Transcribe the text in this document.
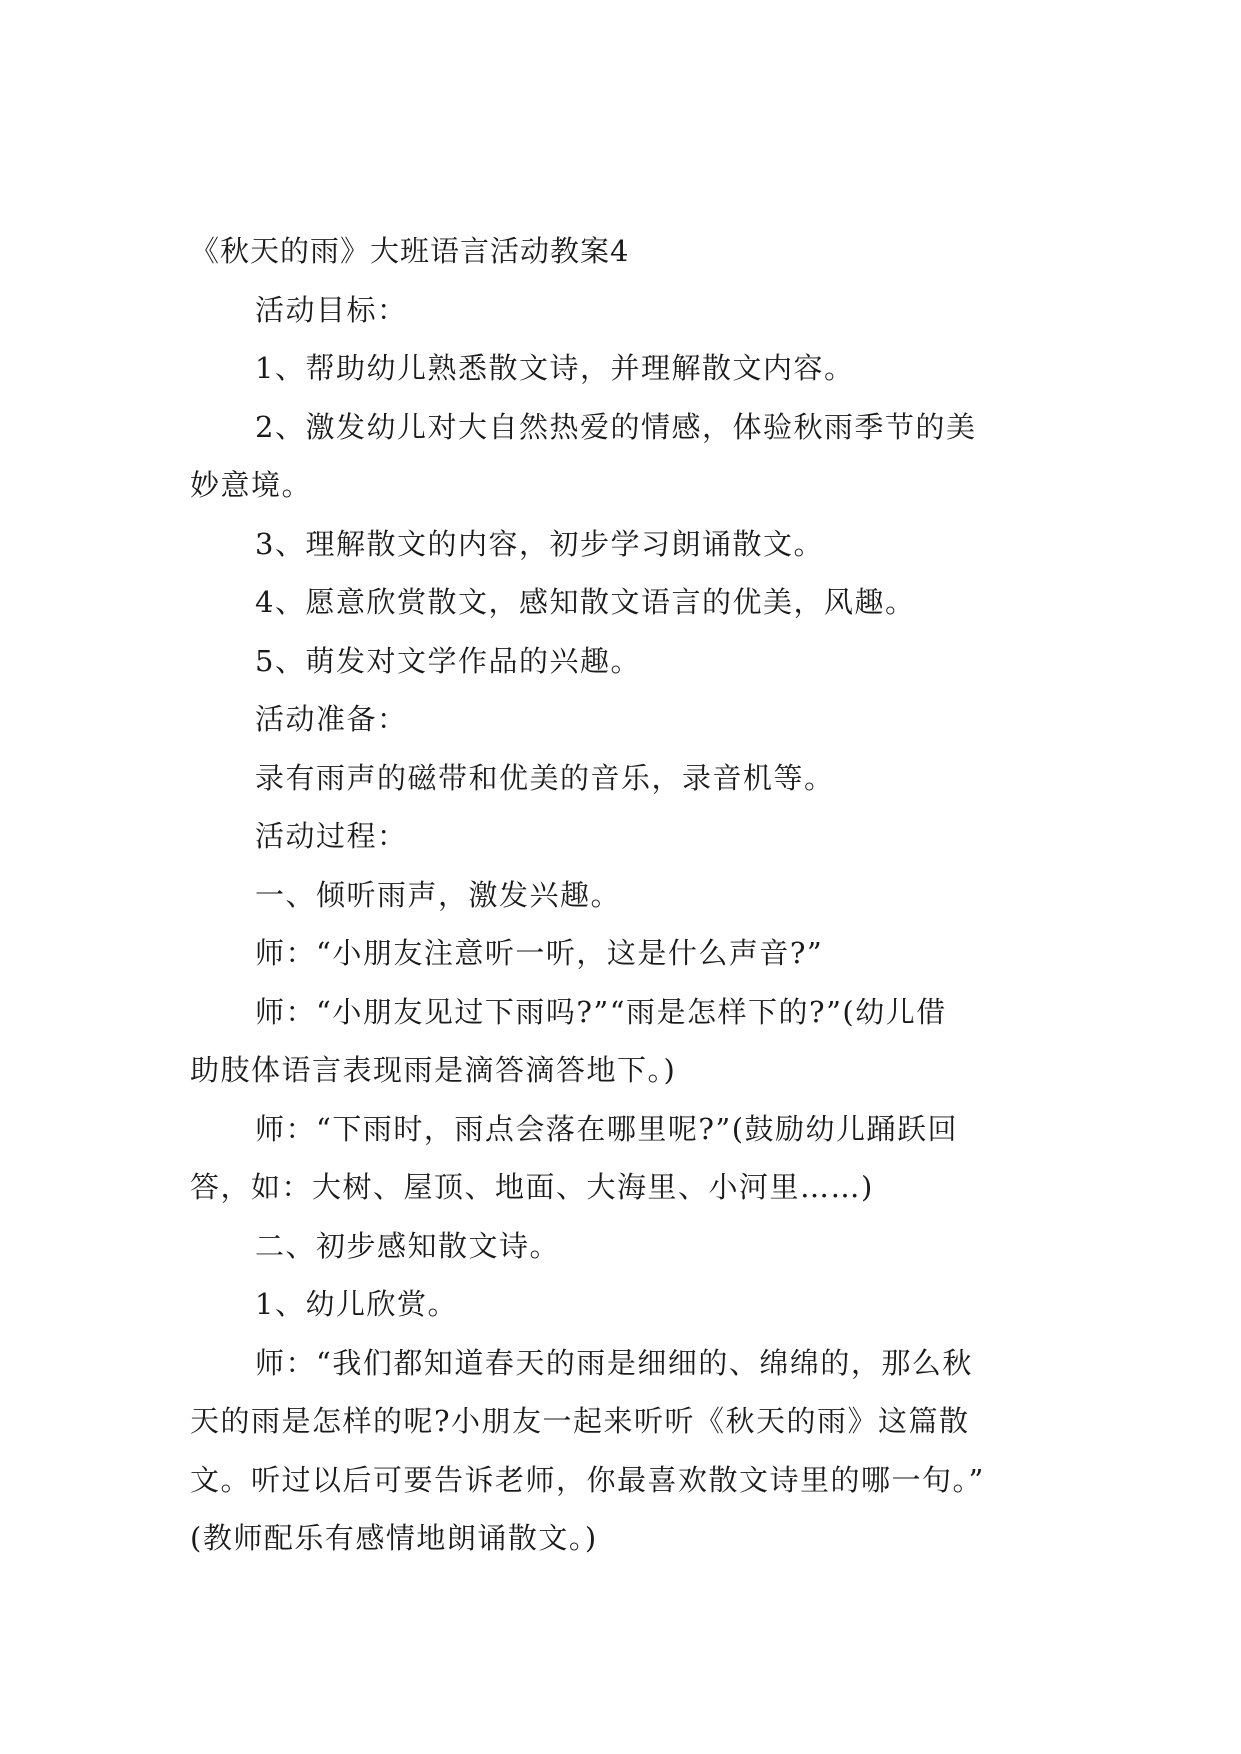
《秋天的雨》大班语言活动教案4
活动目标：
1、帮助幼儿熟悉散文诗，并理解散文内容。
2、激发幼儿对大自然热爱的情感，体验秋雨季节的美
妙意境。
3、理解散文的内容，初步学习朗诵散文。
4、愿意欣赏散文，感知散文语言的优美，风趣。
5、萌发对文学作品的兴趣。
活动准备：
录有雨声的磁带和优美的音乐，录音机等。
活动过程：
一、倾听雨声，激发兴趣。
师：“小朋友注意听一听，这是什么声音?”
师：“小朋友见过下雨吗?”“雨是怎样下的?”(幼儿借
助肢体语言表现雨是滴答滴答地下。)
师：“下雨时，雨点会落在哪里呢?”(鼓励幼儿踊跃回
答，如：大树、屋顶、地面、大海里、小河里……)
二、初步感知散文诗。
1、幼儿欣赏。
师：“我们都知道春天的雨是细细的、绵绵的，那么秋
天的雨是怎样的呢?小朋友一起来听听《秋天的雨》这篇散
文。听过以后可要告诉老师，你最喜欢散文诗里的哪一句。”
(教师配乐有感情地朗诵散文。)
